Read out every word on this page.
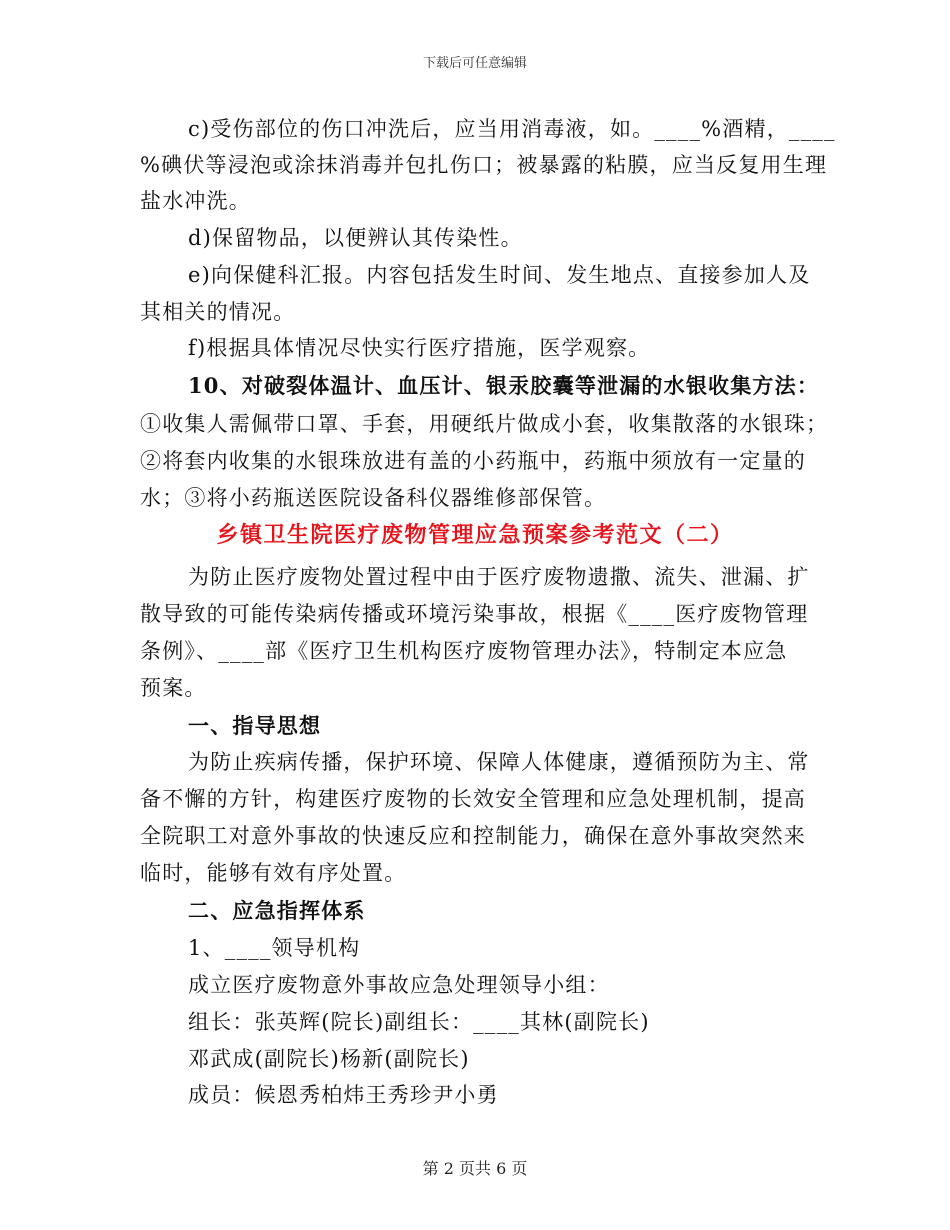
下载后可任意编辑
c)受伤部位的伤口冲洗后，应当用消毒液，如。____%酒精，____
%碘伏等浸泡或涂抹消毒并包扎伤口；被暴露的粘膜，应当反复用生理
盐水冲洗。
d)保留物品，以便辨认其传染性。
e)向保健科汇报。内容包括发生时间、发生地点、直接参加人及
其相关的情况。
f)根据具体情况尽快实行医疗措施，医学观察。
10、对破裂体温计、血压计、银汞胶囊等泄漏的水银收集方法：
①收集人需佩带口罩、手套，用硬纸片做成小套，收集散落的水银珠；
②将套内收集的水银珠放进有盖的小药瓶中，药瓶中须放有一定量的
水；③将小药瓶送医院设备科仪器维修部保管。
乡镇卫生院医疗废物管理应急预案参考范文（二）
为防止医疗废物处置过程中由于医疗废物遗撒、流失、泄漏、扩
散导致的可能传染病传播或环境污染事故，根据《____医疗废物管理
条例》、____部《医疗卫生机构医疗废物管理办法》，特制定本应急
预案。
一、指导思想
为防止疾病传播，保护环境、保障人体健康，遵循预防为主、常
备不懈的方针，构建医疗废物的长效安全管理和应急处理机制，提高
全院职工对意外事故的快速反应和控制能力，确保在意外事故突然来
临时，能够有效有序处置。
二、应急指挥体系
1、____领导机构
成立医疗废物意外事故应急处理领导小组：
组长：张英辉(院长)副组长：____其林(副院长)
邓武成(副院长)杨新(副院长)
成员：候恩秀柏炜王秀珍尹小勇
第 2 页共 6 页
